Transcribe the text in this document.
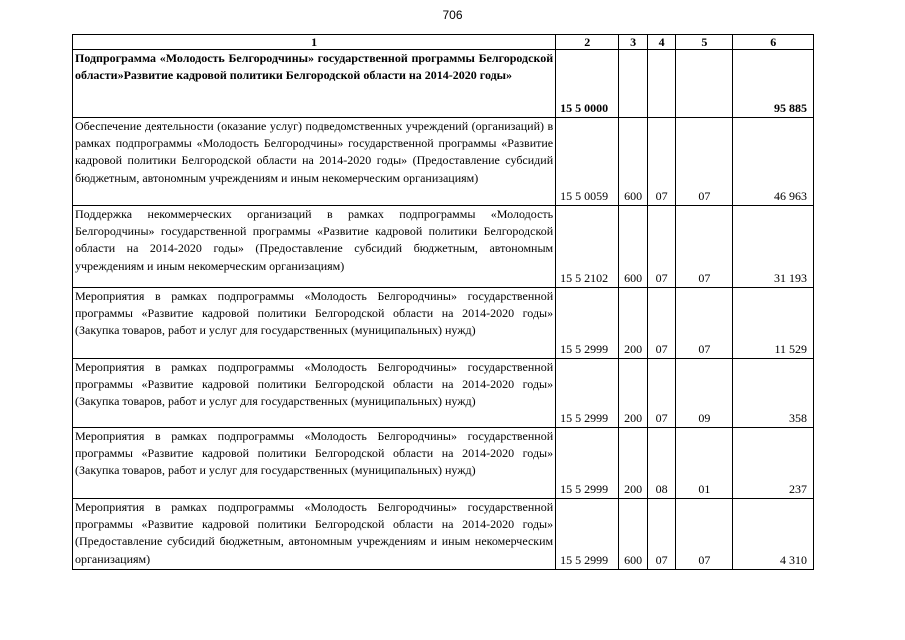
706
1	2	3	4	5	6
Подпрограмма «Молодость Белгородчины» государственной программы Белгородской области»Развитие кадровой политики Белгородской области на 2014-2020 годы»	15 5 0000				95 885
Обеспечение деятельности (оказание услуг) подведомственных учреждений (организаций) в рамках подпрограммы «Молодость Белгородчины» государственной программы «Развитие кадровой политики Белгородской области на 2014-2020 годы» (Предоставление субсидий бюджетным, автономным учреждениям и иным некомерческим организациям)	15 5 0059	600	07	07	46 963
Поддержка некоммерческих организаций в рамках подпрограммы «Молодость Белгородчины» государственной программы «Развитие кадровой политики Белгородской области на 2014-2020 годы» (Предоставление субсидий бюджетным, автономным учреждениям и иным некомерческим организациям)	15 5 2102	600	07	07	31 193
Мероприятия в рамках подпрограммы «Молодость Белгородчины» государственной программы «Развитие кадровой политики Белгородской области на 2014-2020 годы» (Закупка товаров, работ и услуг для государственных (муниципальных) нужд)	15 5 2999	200	07	07	11 529
Мероприятия в рамках подпрограммы «Молодость Белгородчины» государственной программы «Развитие кадровой политики Белгородской области на 2014-2020 годы» (Закупка товаров, работ и услуг для государственных (муниципальных) нужд)	15 5 2999	200	07	09	358
Мероприятия в рамках подпрограммы «Молодость Белгородчины» государственной программы «Развитие кадровой политики Белгородской области на 2014-2020 годы» (Закупка товаров, работ и услуг для государственных (муниципальных) нужд)	15 5 2999	200	08	01	237
Мероприятия в рамках подпрограммы «Молодость Белгородчины» государственной программы «Развитие кадровой политики Белгородской области на 2014-2020 годы» (Предоставление субсидий бюджетным, автономным учреждениям и иным некомерческим организациям)	15 5 2999	600	07	07	4 310
